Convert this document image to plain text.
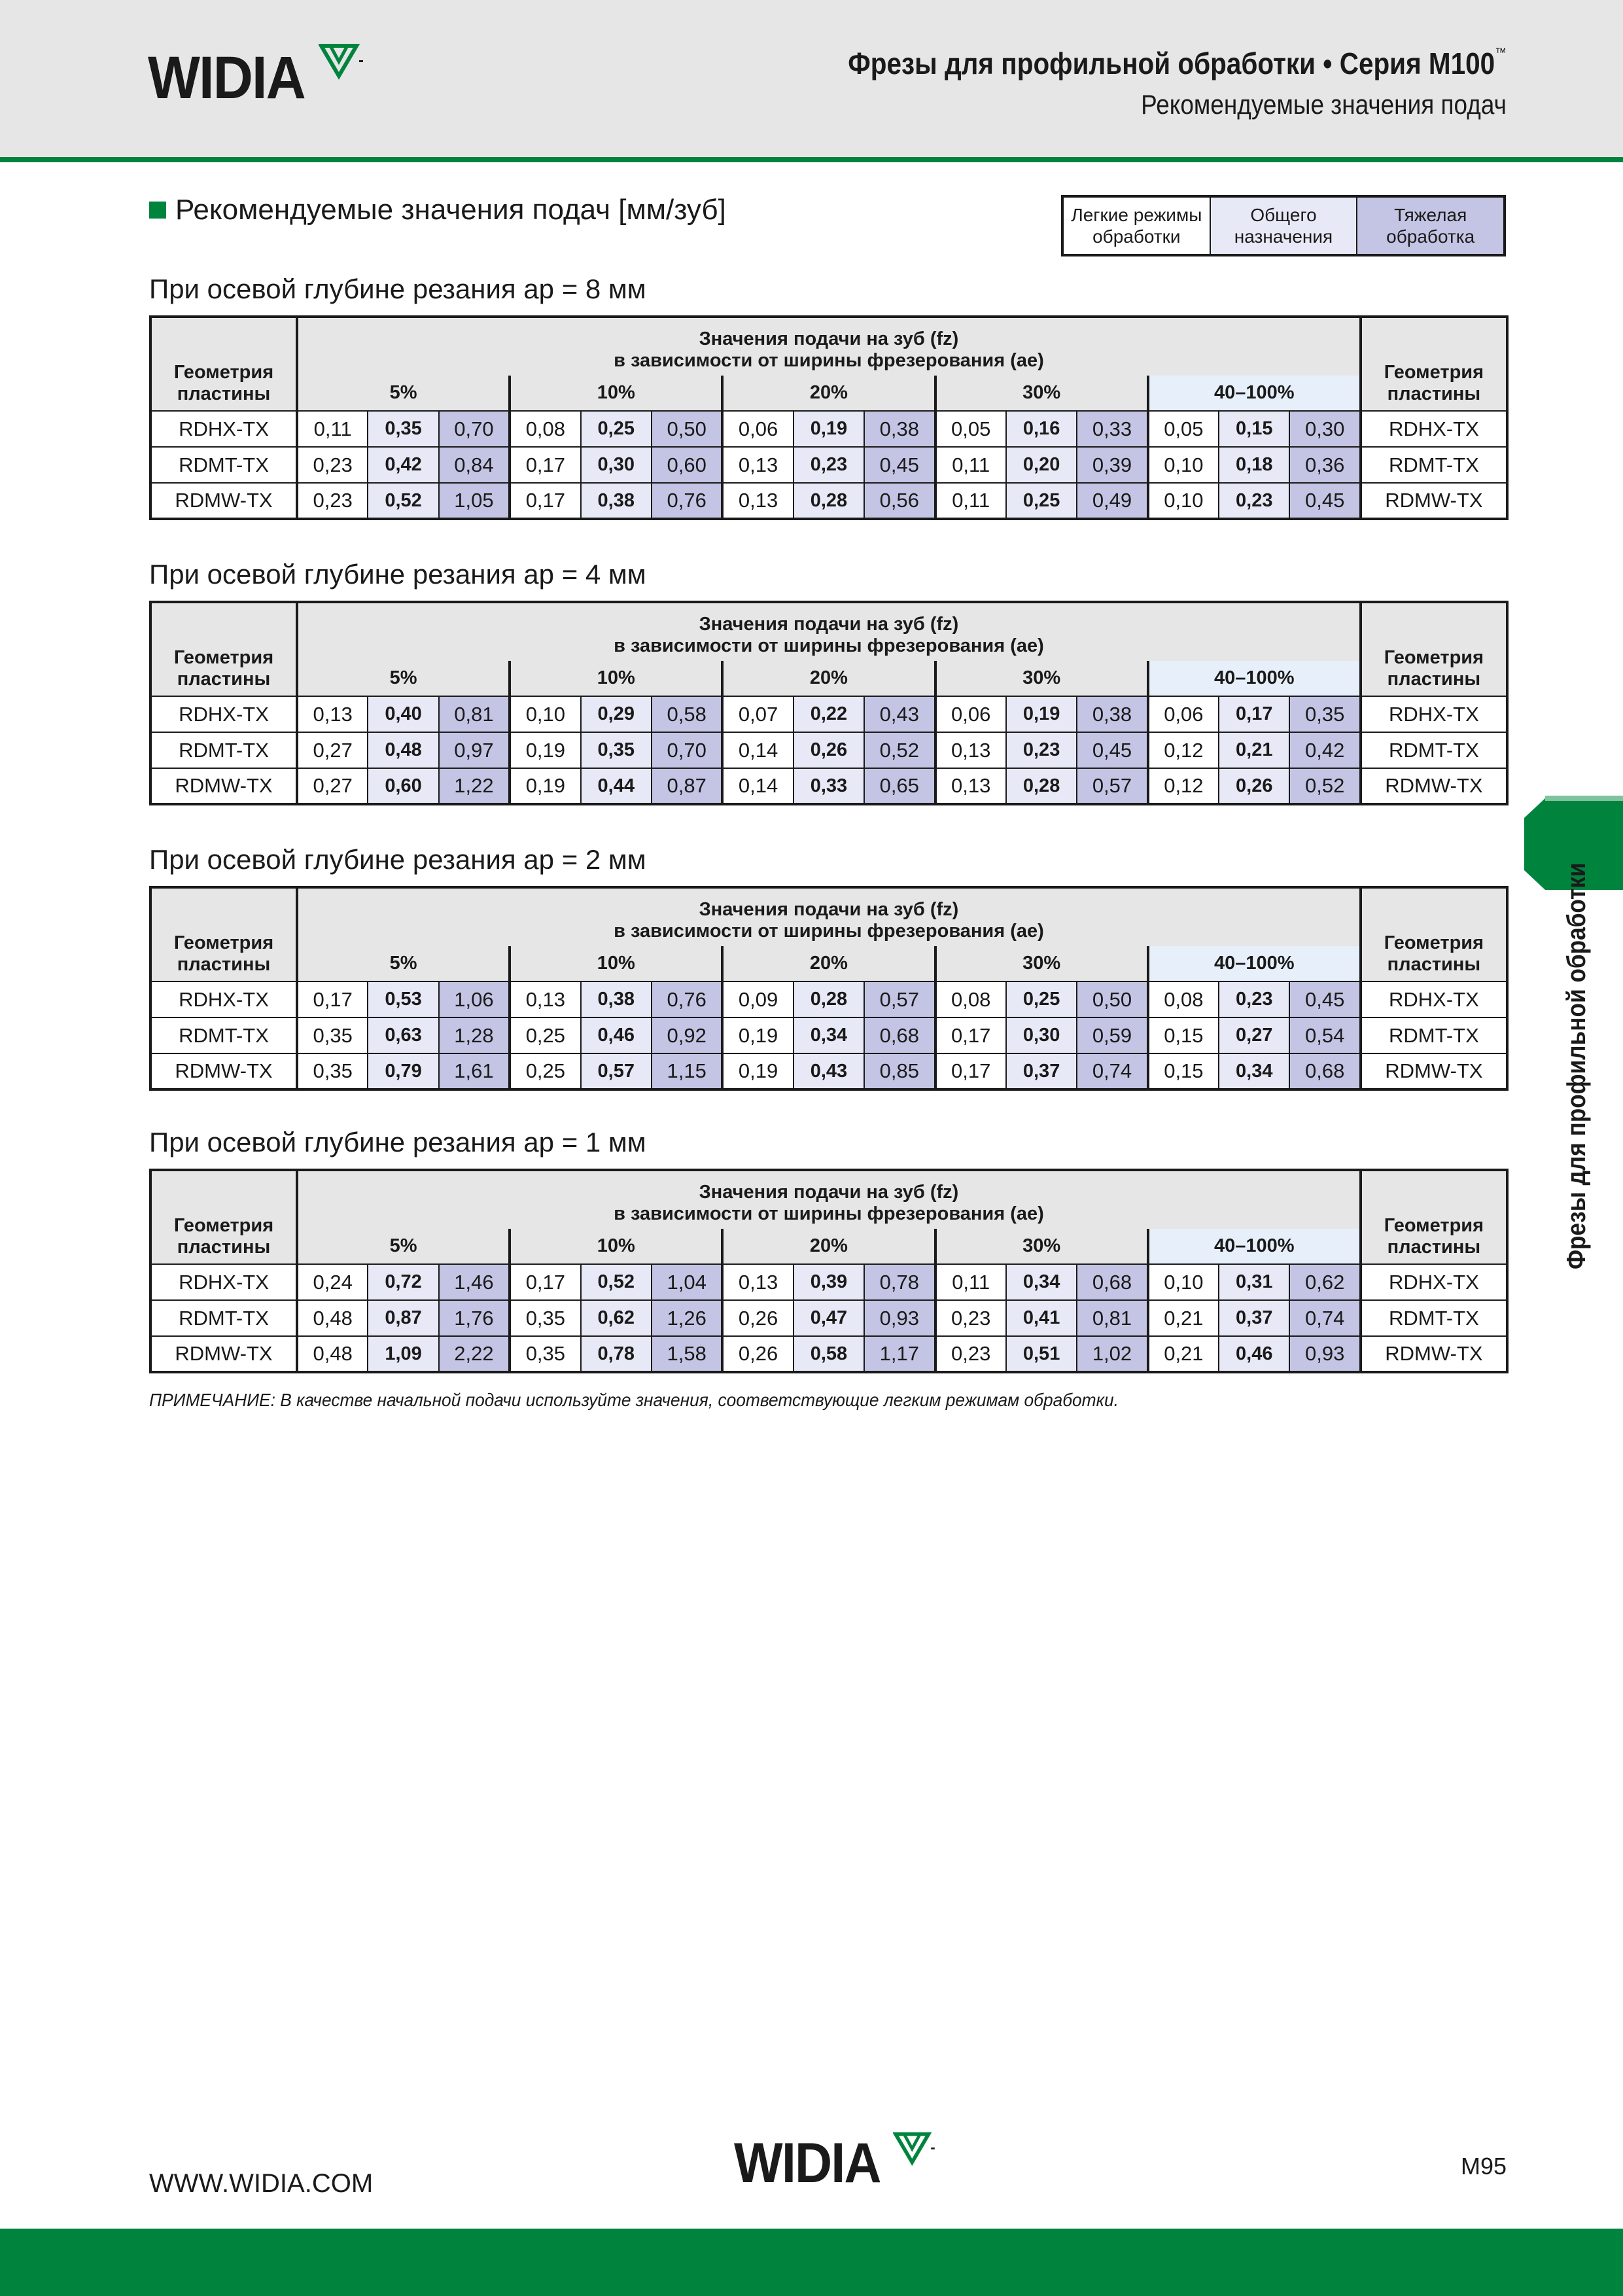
WIDIA	Фрезы для профильной обработки • Серия M100™
Рекомендуемые значения подач
Рекомендуемые значения подач [мм/зуб]	Легкие режимы обработки
Общего назначения
Тяжелая обработка
При осевой глубине резания ap = 8 мм
Геометрия пластины	Значения подачи на зуб (fz)
в зависимости от ширины фрезерования (ae)															Геометрия пластины
	5%			10%			20%			30%			40–100%			
RDHX-TX	0,11	0,35	0,70	0,08	0,25	0,50	0,06	0,19	0,38	0,05	0,16	0,33	0,05	0,15	0,30	RDHX-TX
RDMT-TX	0,23	0,42	0,84	0,17	0,30	0,60	0,13	0,23	0,45	0,11	0,20	0,39	0,10	0,18	0,36	RDMT-TX
RDMW-TX	0,23	0,52	1,05	0,17	0,38	0,76	0,13	0,28	0,56	0,11	0,25	0,49	0,10	0,23	0,45	RDMW-TX
При осевой глубине резания ap = 4 мм
Геометрия пластины	Значения подачи на зуб (fz)
в зависимости от ширины фрезерования (ae)															Геометрия пластины
	5%			10%			20%			30%			40–100%			
RDHX-TX	0,13	0,40	0,81	0,10	0,29	0,58	0,07	0,22	0,43	0,06	0,19	0,38	0,06	0,17	0,35	RDHX-TX
RDMT-TX	0,27	0,48	0,97	0,19	0,35	0,70	0,14	0,26	0,52	0,13	0,23	0,45	0,12	0,21	0,42	RDMT-TX
RDMW-TX	0,27	0,60	1,22	0,19	0,44	0,87	0,14	0,33	0,65	0,13	0,28	0,57	0,12	0,26	0,52	RDMW-TX
При осевой глубине резания ap = 2 мм
Геометрия пластины	Значения подачи на зуб (fz)
в зависимости от ширины фрезерования (ae)															Геометрия пластины
	5%			10%			20%			30%			40–100%			
RDHX-TX	0,17	0,53	1,06	0,13	0,38	0,76	0,09	0,28	0,57	0,08	0,25	0,50	0,08	0,23	0,45	RDHX-TX
RDMT-TX	0,35	0,63	1,28	0,25	0,46	0,92	0,19	0,34	0,68	0,17	0,30	0,59	0,15	0,27	0,54	RDMT-TX
RDMW-TX	0,35	0,79	1,61	0,25	0,57	1,15	0,19	0,43	0,85	0,17	0,37	0,74	0,15	0,34	0,68	RDMW-TX
При осевой глубине резания ap = 1 мм
Геометрия пластины	Значения подачи на зуб (fz)
в зависимости от ширины фрезерования (ae)															Геометрия пластины
	5%			10%			20%			30%			40–100%			
RDHX-TX	0,24	0,72	1,46	0,17	0,52	1,04	0,13	0,39	0,78	0,11	0,34	0,68	0,10	0,31	0,62	RDHX-TX
RDMT-TX	0,48	0,87	1,76	0,35	0,62	1,26	0,26	0,47	0,93	0,23	0,41	0,81	0,21	0,37	0,74	RDMT-TX
RDMW-TX	0,48	1,09	2,22	0,35	0,78	1,58	0,26	0,58	1,17	0,23	0,51	1,02	0,21	0,46	0,93	RDMW-TX
ПРИМЕЧАНИЕ: В качестве начальной подачи используйте значения, соответствующие легким режимам обработки.
Фрезы для профильной обработки
WWW.WIDIA.COM	WIDIA	M95
